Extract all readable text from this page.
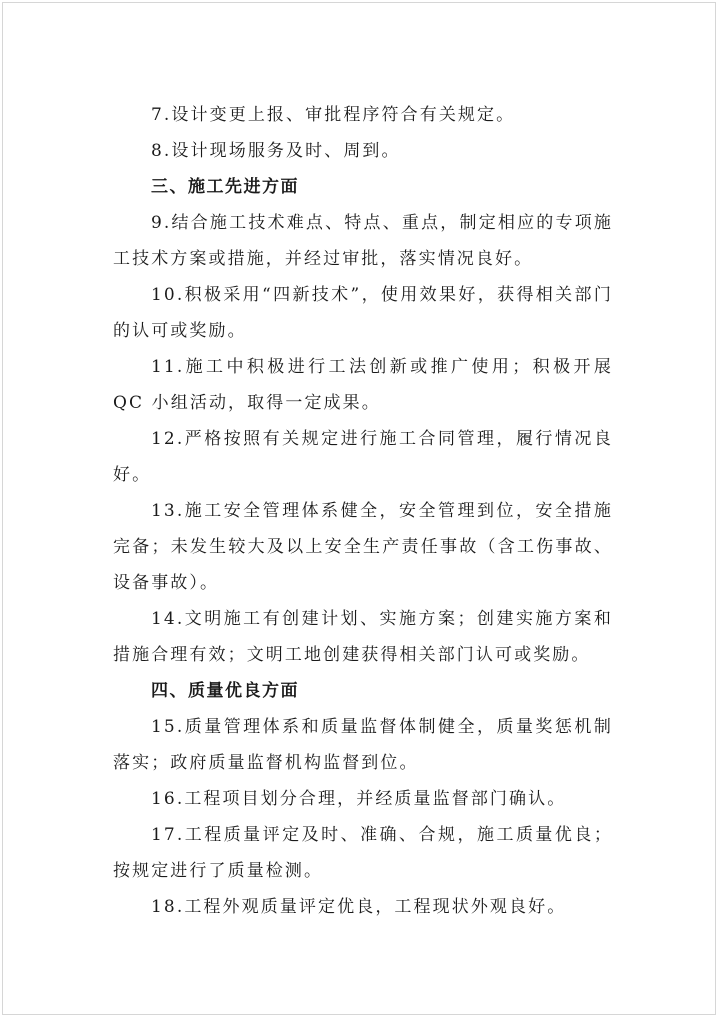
7.设计变更上报、审批程序符合有关规定。

8.设计现场服务及时、周到。

三、施工先进方面

9.结合施工技术难点、特点、重点，制定相应的专项施工技术方案或措施，并经过审批，落实情况良好。

10.积极采用“四新技术”，使用效果好，获得相关部门的认可或奖励。

11.施工中积极进行工法创新或推广使用；积极开展 QC 小组活动，取得一定成果。

12.严格按照有关规定进行施工合同管理，履行情况良好。

13.施工安全管理体系健全，安全管理到位，安全措施完备；未发生较大及以上安全生产责任事故（含工伤事故、设备事故）。

14.文明施工有创建计划、实施方案；创建实施方案和措施合理有效；文明工地创建获得相关部门认可或奖励。

四、质量优良方面

15.质量管理体系和质量监督体制健全，质量奖惩机制落实；政府质量监督机构监督到位。

16.工程项目划分合理，并经质量监督部门确认。

17.工程质量评定及时、准确、合规，施工质量优良；按规定进行了质量检测。

18.工程外观质量评定优良，工程现状外观良好。
